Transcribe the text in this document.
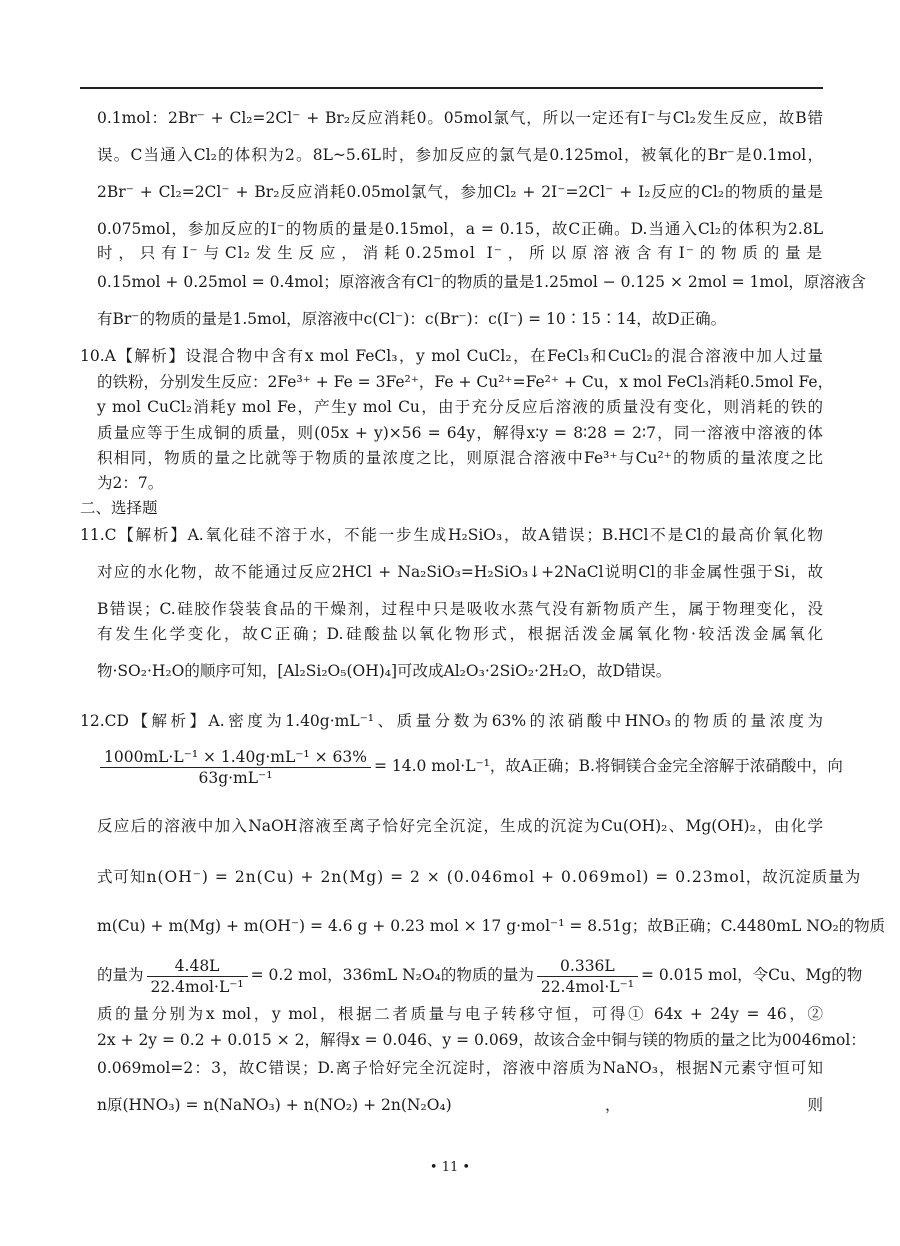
0.1mol：2Br⁻ + Cl₂=2Cl⁻ + Br₂反应消耗0。05mol氯气，所以一定还有I⁻与Cl₂发生反应，故B错
误。C当通入Cl₂的体积为2。8L~5.6L时，参加反应的氯气是0.125mol，被氧化的Br⁻是0.1mol，
2Br⁻ + Cl₂=2Cl⁻ + Br₂反应消耗0.05mol氯气，参加Cl₂ + 2I⁻=2Cl⁻ + I₂反应的Cl₂的物质的量是
0.075mol，参加反应的I⁻的物质的量是0.15mol，a = 0.15，故C正确。D.当通入Cl₂的体积为2.8L
时，只有I⁻与Cl₂发生反应，消耗0.25mol I⁻，所以原溶液含有I⁻的物质的量是
0.15mol + 0.25mol = 0.4mol；原溶液含有Cl⁻的物质的量是1.25mol − 0.125 × 2mol = 1mol，原溶液含
有Br⁻的物质的量是1.5mol，原溶液中c(Cl⁻)：c(Br⁻)：c(I⁻) = 10∶15∶14，故D正确。
10.A【解析】设混合物中含有x mol FeCl₃，y mol CuCl₂，在FeCl₃和CuCl₂的混合溶液中加人过量
的铁粉，分别发生反应：2Fe³⁺ + Fe = 3Fe²⁺，Fe + Cu²⁺=Fe²⁺ + Cu，x mol FeCl₃消耗0.5mol Fe，
y mol CuCl₂消耗y mol Fe，产生y mol Cu，由于充分反应后溶液的质量没有变化，则消耗的铁的
质量应等于生成铜的质量，则(05x + y)×56 = 64y，解得x∶y = 8∶28 = 2∶7，同一溶液中溶液的体
积相同，物质的量之比就等于物质的量浓度之比，则原混合溶液中Fe³⁺与Cu²⁺的物质的量浓度之比
为2：7。
二、选择题
11.C【解析】A.氧化硅不溶于水，不能一步生成H₂SiO₃，故A错误；B.HCl不是Cl的最高价氧化物
对应的水化物，故不能通过反应2HCl + Na₂SiO₃=H₂SiO₃↓+2NaCl说明Cl的非金属性强于Si，故
B错误；C.硅胶作袋装食品的干燥剂，过程中只是吸收水蒸气没有新物质产生，属于物理变化，没
有发生化学变化，故C正确；D.硅酸盐以氧化物形式，根据活泼金属氧化物·较活泼金属氧化
物·SO₂·H₂O的顺序可知，[Al₂Si₂O₅(OH)₄]可改成Al₂O₃·2SiO₂·2H₂O，故D错误。
12.CD【解析】A.密度为1.40g·mL⁻¹、质量分数为63%的浓硝酸中HNO₃的物质的量浓度为
$\frac{\text{1000mL·L⁻¹ × 1.40g·mL⁻¹ × 63\%}}{\text{63g·mL⁻¹}} = 14.0$ mol·L⁻¹，故A正确；B.将铜镁合金完全溶解于浓硝酸中，向
反应后的溶液中加入NaOH溶液至离子恰好完全沉淀，生成的沉淀为Cu(OH)₂、Mg(OH)₂，由化学
式可知n(OH⁻) = 2n(Cu) + 2n(Mg) = 2 × (0.046mol + 0.069mol) = 0.23mol，故沉淀质量为
m(Cu) + m(Mg) + m(OH⁻) = 4.6 g + 0.23 mol × 17 g·mol⁻¹ = 8.51g；故B正确；C.4480mL NO₂的物质
的量为 $\frac{4.48L}{\text{22.4mol·L⁻¹}} = 0.2$ mol，336mL N₂O₄的物质的量为 $\frac{0.336L}{\text{22.4mol·L⁻¹}} = 0.015$ mol，令Cu、Mg的物
质的量分别为x mol，y mol，根据二者质量与电子转移守恒，可得① 64x + 24y = 46，②
2x + 2y = 0.2 + 0.015 × 2，解得x = 0.046、y = 0.069，故该合金中铜与镁的物质的量之比为0046mol：
0.069mol=2：3，故C错误；D.离子恰好完全沉淀时，溶液中溶质为NaNO₃，根据N元素守恒可知
n原(HNO₃) = n(NaNO₃) + n(NO₂) + 2n(N₂O₄)	，	则
• 11 •
